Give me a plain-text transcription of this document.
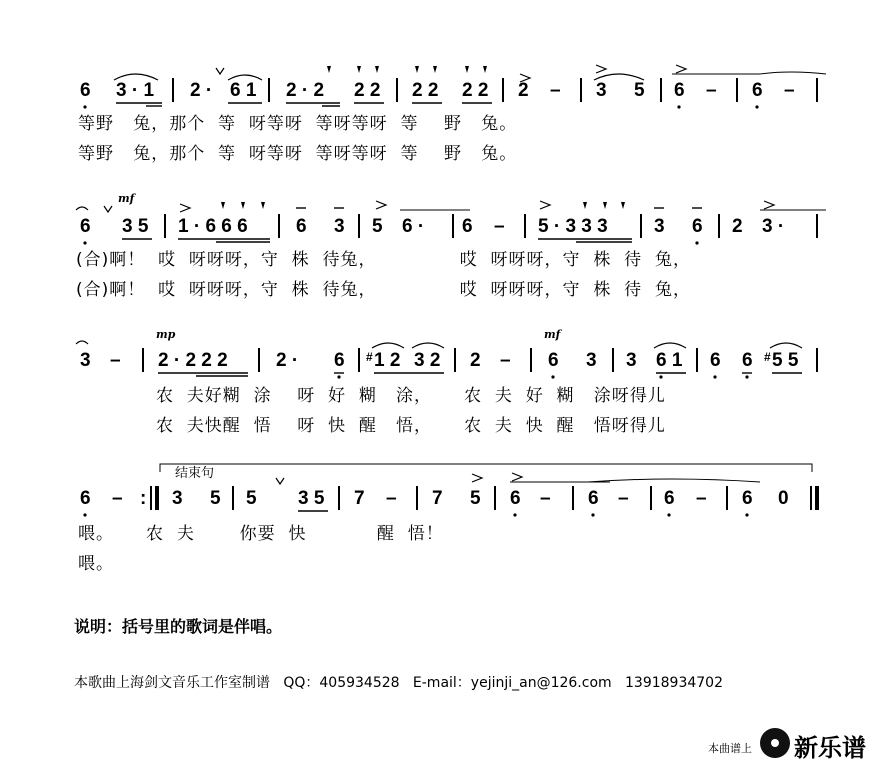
6 3 · 1 2 · 6 1 2 · 2 2 2 2 2 2 2 2 – 3 5 6 – 6 –
等野   兔，那个  等  呀等呀  等呀等呀  等    野   兔。
等野   兔，那个  等  呀等呀  等呀等呀  等    野   兔。
mf
6 3 5 1 · 6 6 6	6 3 5 6 · 6 – 5 · 3 3 3 3 6 2 3 ·
(合)啊！  哎  呀呀呀，守  株  待兔，             哎  呀呀呀，守  株  待  兔，
(合)啊！  哎  呀呀呀，守  株  待兔，             哎  呀呀呀，守  株  待  兔，
mp	mf
3 – 2 · 2 2 2	2 · 6 # 1 2 3 2 2 – 6 3 3 6 1 6 6 # 5 5
农  夫好糊  涂    呀  好  糊   涂，     农  夫  好  糊   涂呀得儿
农  夫快醒  悟    呀  快  醒   悟，     农  夫  快  醒   悟呀得儿
结束句
6 – : 3 5 5 3 5 7 – 7 5 6 – 6 – 6 – 6 0
喂。     农  夫       你要  快           醒  悟！
喂。
说明：括号里的歌词是伴唱。
本歌曲上海剑文音乐工作室制谱   QQ：405934528   E-mail：yejinji_an@126.com   13918934702
本曲谱上 新乐谱
